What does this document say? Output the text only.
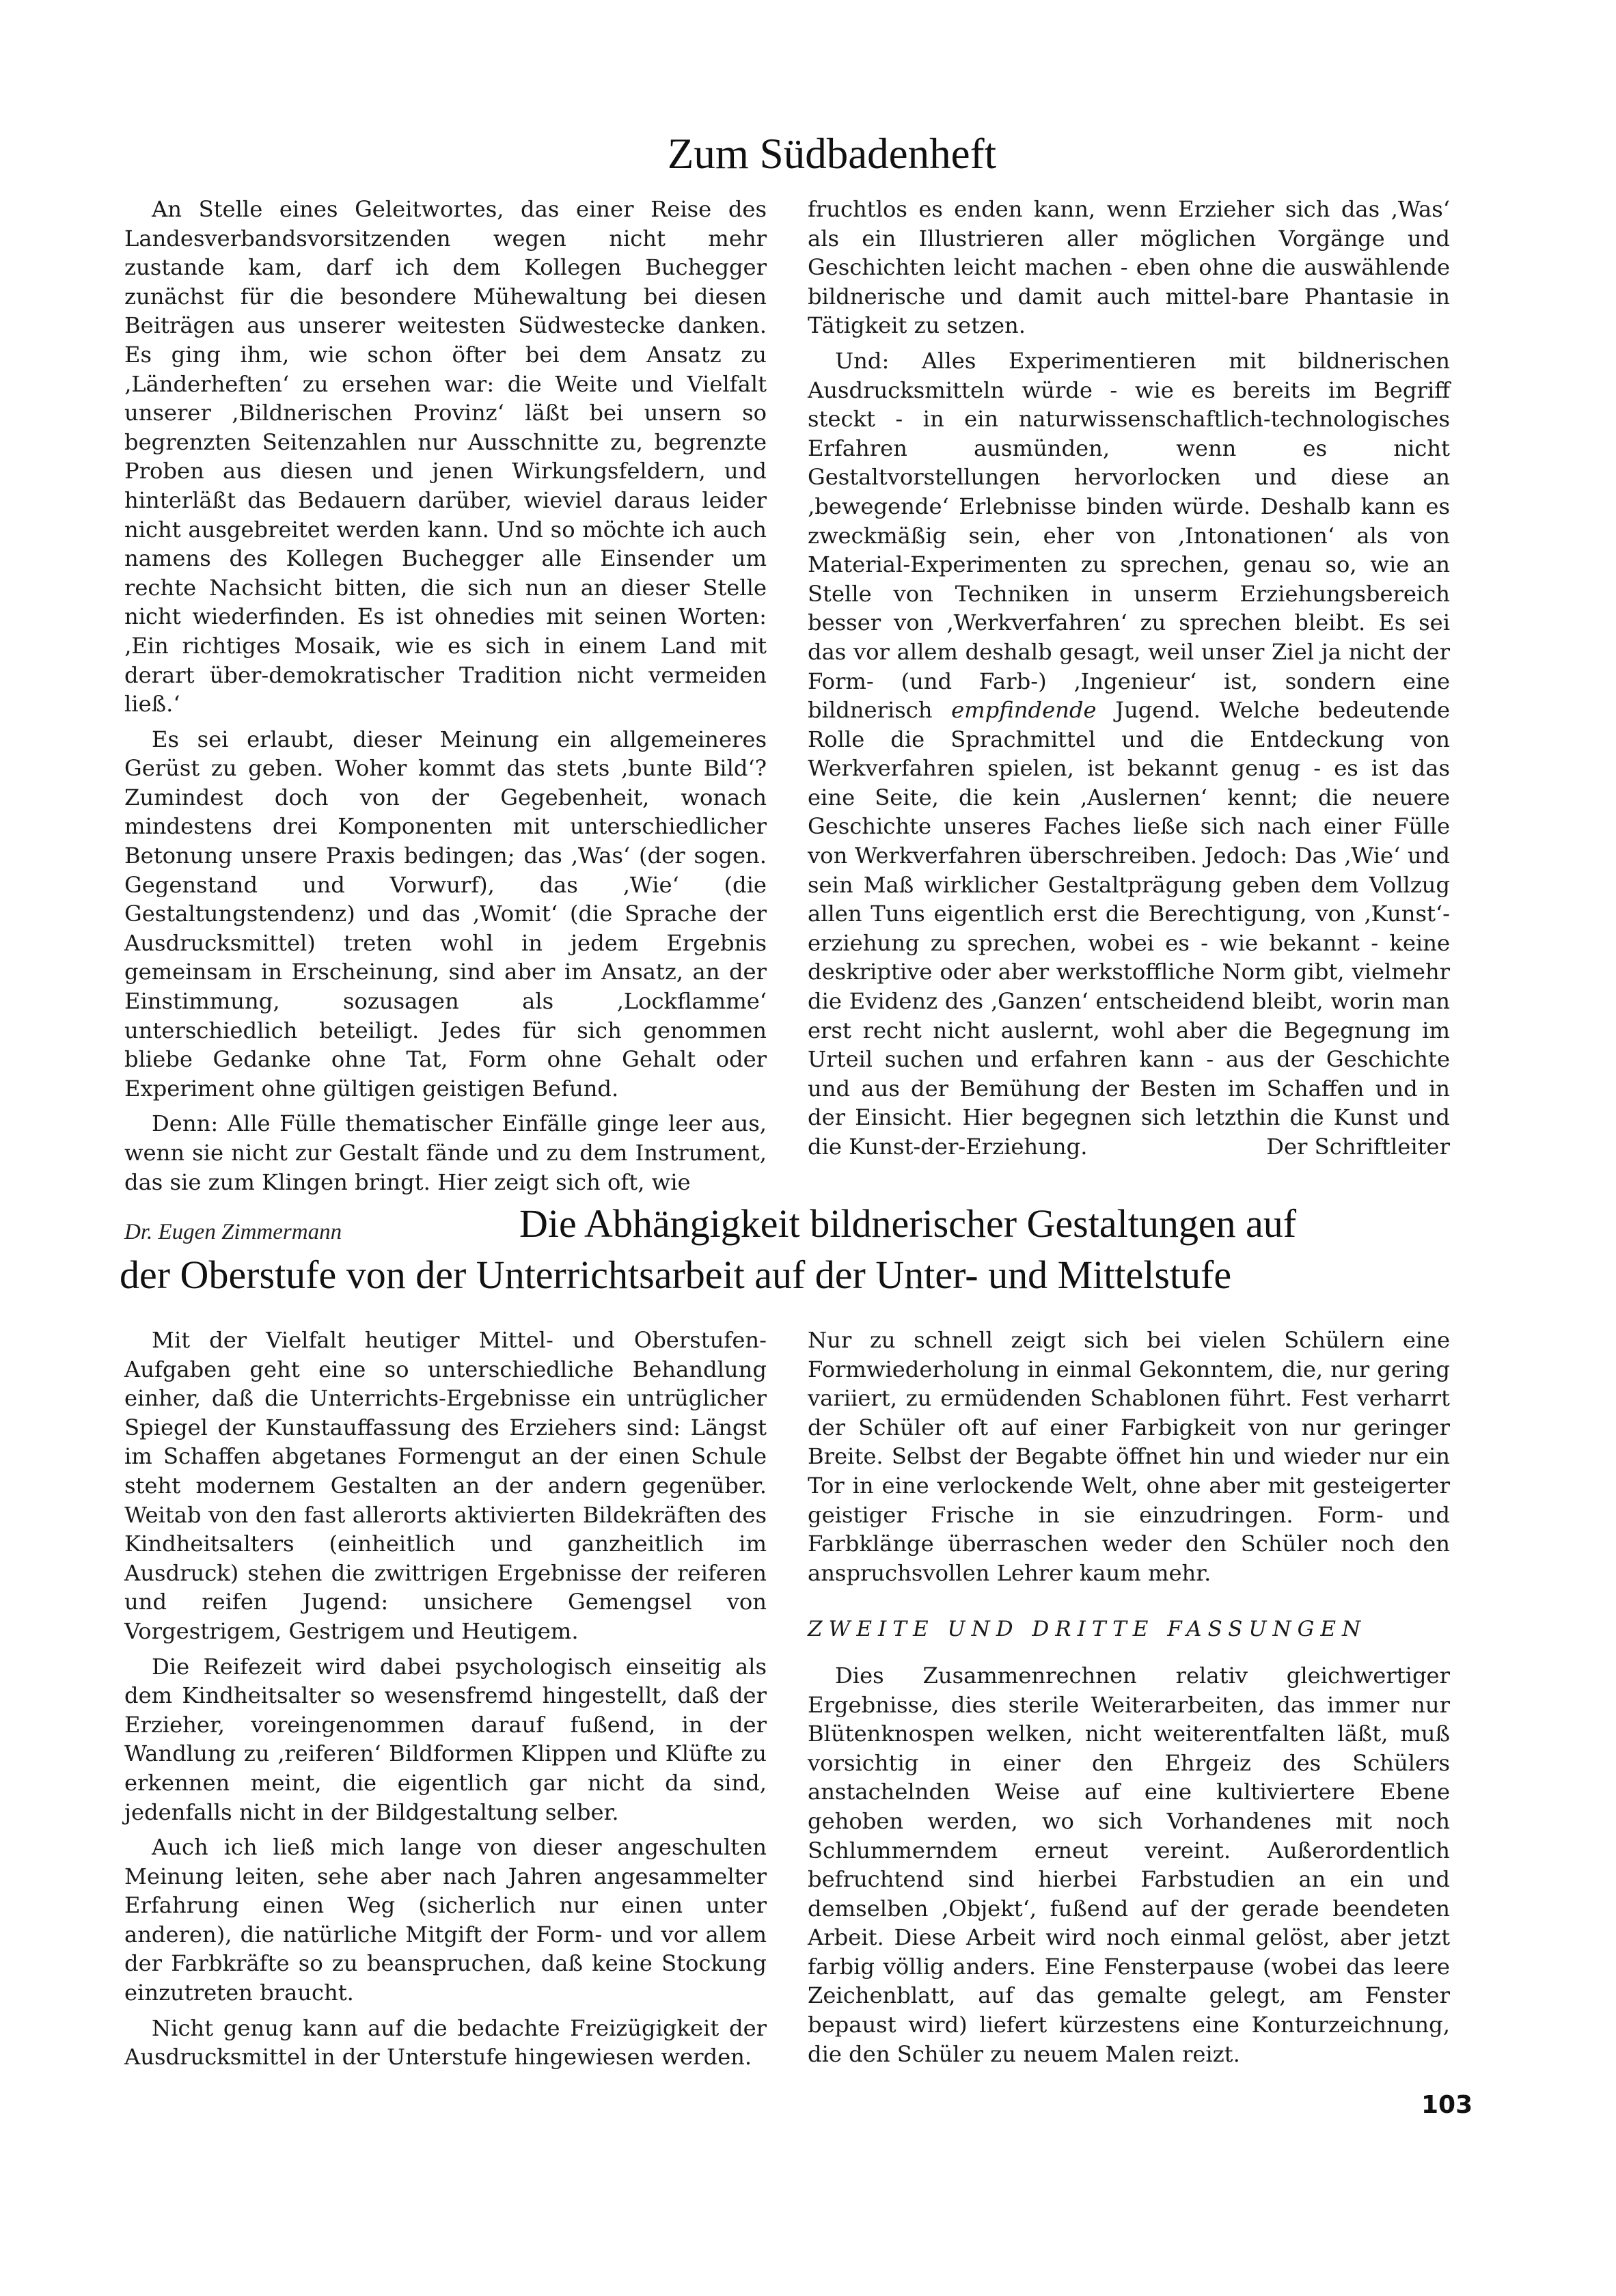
Zum Südbadenheft

An Stelle eines Geleitwortes, das einer Reise des Landesverbandsvorsitzenden wegen nicht mehr zustande kam, darf ich dem Kollegen Buchegger zunächst für die besondere Mühewaltung bei diesen Beiträgen aus unserer weitesten Südwestecke danken. Es ging ihm, wie schon öfter bei dem Ansatz zu ‚Länderheften‘ zu ersehen war: die Weite und Vielfalt unserer ‚Bildnerischen Provinz‘ läßt bei unsern so begrenzten Seitenzahlen nur Ausschnitte zu, begrenzte Proben aus diesen und jenen Wirkungsfeldern, und hinterläßt das Bedauern darüber, wieviel daraus leider nicht ausgebreitet werden kann. Und so möchte ich auch namens des Kollegen Buchegger alle Einsender um rechte Nachsicht bitten, die sich nun an dieser Stelle nicht wiederfinden. Es ist ohnedies mit seinen Worten: ‚Ein richtiges Mosaik, wie es sich in einem Land mit derart über-demokratischer Tradition nicht vermeiden ließ.‘

Es sei erlaubt, dieser Meinung ein allgemeineres Gerüst zu geben. Woher kommt das stets ‚bunte Bild‘? Zumindest doch von der Gegebenheit, wonach mindestens drei Komponenten mit unterschiedlicher Betonung unsere Praxis bedingen; das ‚Was‘ (der sogen. Gegenstand und Vorwurf), das ‚Wie‘ (die Gestaltungstendenz) und das ‚Womit‘ (die Sprache der Ausdrucksmittel) treten wohl in jedem Ergebnis gemeinsam in Erscheinung, sind aber im Ansatz, an der Einstimmung, sozusagen als ‚Lockflamme‘ unterschiedlich beteiligt. Jedes für sich genommen bliebe Gedanke ohne Tat, Form ohne Gehalt oder Experiment ohne gültigen geistigen Befund.

Denn: Alle Fülle thematischer Einfälle ginge leer aus, wenn sie nicht zur Gestalt fände und zu dem Instrument, das sie zum Klingen bringt. Hier zeigt sich oft, wie

fruchtlos es enden kann, wenn Erzieher sich das ‚Was‘ als ein Illustrieren aller möglichen Vorgänge und Geschichten leicht machen - eben ohne die auswählende bildnerische und damit auch mittel-bare Phantasie in Tätigkeit zu setzen.

Und: Alles Experimentieren mit bildnerischen Ausdrucksmitteln würde - wie es bereits im Begriff steckt - in ein naturwissenschaftlich-technologisches Erfahren ausmünden, wenn es nicht Gestaltvorstellungen hervorlocken und diese an ‚bewegende‘ Erlebnisse binden würde. Deshalb kann es zweckmäßig sein, eher von ‚Intonationen‘ als von Material-Experimenten zu sprechen, genau so, wie an Stelle von Techniken in unserm Erziehungsbereich besser von ‚Werkverfahren‘ zu sprechen bleibt. Es sei das vor allem deshalb gesagt, weil unser Ziel ja nicht der Form- (und Farb-) ‚Ingenieur‘ ist, sondern eine bildnerisch empfindende Jugend. Welche bedeutende Rolle die Sprachmittel und die Entdeckung von Werkverfahren spielen, ist bekannt genug - es ist das eine Seite, die kein ‚Auslernen‘ kennt; die neuere Geschichte unseres Faches ließe sich nach einer Fülle von Werkverfahren überschreiben. Jedoch: Das ‚Wie‘ und sein Maß wirklicher Gestaltprägung geben dem Vollzug allen Tuns eigentlich erst die Berechtigung, von ‚Kunst‘-erziehung zu sprechen, wobei es - wie bekannt - keine deskriptive oder aber werkstoffliche Norm gibt, vielmehr die Evidenz des ‚Ganzen‘ entscheidend bleibt, worin man erst recht nicht auslernt, wohl aber die Begegnung im Urteil suchen und erfahren kann - aus der Geschichte und aus der Bemühung der Besten im Schaffen und in der Einsicht. Hier begegnen sich letzthin die Kunst und die Kunst-der-Erziehung.	Der Schriftleiter

Dr. Eugen Zimmermann	Die Abhängigkeit bildnerischer Gestaltungen auf
der Oberstufe von der Unterrichtsarbeit auf der Unter- und Mittelstufe

Mit der Vielfalt heutiger Mittel- und Oberstufen-Aufgaben geht eine so unterschiedliche Behandlung einher, daß die Unterrichts-Ergebnisse ein untrüglicher Spiegel der Kunstauffassung des Erziehers sind: Längst im Schaffen abgetanes Formengut an der einen Schule steht modernem Gestalten an der andern gegenüber. Weitab von den fast allerorts aktivierten Bildekräften des Kindheitsalters (einheitlich und ganzheitlich im Ausdruck) stehen die zwittrigen Ergebnisse der reiferen und reifen Jugend: unsichere Gemengsel von Vorgestrigem, Gestrigem und Heutigem.

Die Reifezeit wird dabei psychologisch einseitig als dem Kindheitsalter so wesensfremd hingestellt, daß der Erzieher, voreingenommen darauf fußend, in der Wandlung zu ‚reiferen‘ Bildformen Klippen und Klüfte zu erkennen meint, die eigentlich gar nicht da sind, jedenfalls nicht in der Bildgestaltung selber.

Auch ich ließ mich lange von dieser angeschulten Meinung leiten, sehe aber nach Jahren angesammelter Erfahrung einen Weg (sicherlich nur einen unter anderen), die natürliche Mitgift der Form- und vor allem der Farbkräfte so zu beanspruchen, daß keine Stockung einzutreten braucht.

Nicht genug kann auf die bedachte Freizügigkeit der Ausdrucksmittel in der Unterstufe hingewiesen werden.

Nur zu schnell zeigt sich bei vielen Schülern eine Formwiederholung in einmal Gekonntem, die, nur gering variiert, zu ermüdenden Schablonen führt. Fest verharrt der Schüler oft auf einer Farbigkeit von nur geringer Breite. Selbst der Begabte öffnet hin und wieder nur ein Tor in eine verlockende Welt, ohne aber mit gesteigerter geistiger Frische in sie einzudringen. Form- und Farbklänge überraschen weder den Schüler noch den anspruchsvollen Lehrer kaum mehr.

ZWEITE UND DRITTE FASSUNGEN

Dies Zusammenrechnen relativ gleichwertiger Ergebnisse, dies sterile Weiterarbeiten, das immer nur Blütenknospen welken, nicht weiterentfalten läßt, muß vorsichtig in einer den Ehrgeiz des Schülers anstachelnden Weise auf eine kultiviertere Ebene gehoben werden, wo sich Vorhandenes mit noch Schlummerndem erneut vereint. Außerordentlich befruchtend sind hierbei Farbstudien an ein und demselben ‚Objekt‘, fußend auf der gerade beendeten Arbeit. Diese Arbeit wird noch einmal gelöst, aber jetzt farbig völlig anders. Eine Fensterpause (wobei das leere Zeichenblatt, auf das gemalte gelegt, am Fenster bepaust wird) liefert kürzestens eine Konturzeichnung, die den Schüler zu neuem Malen reizt.

103
